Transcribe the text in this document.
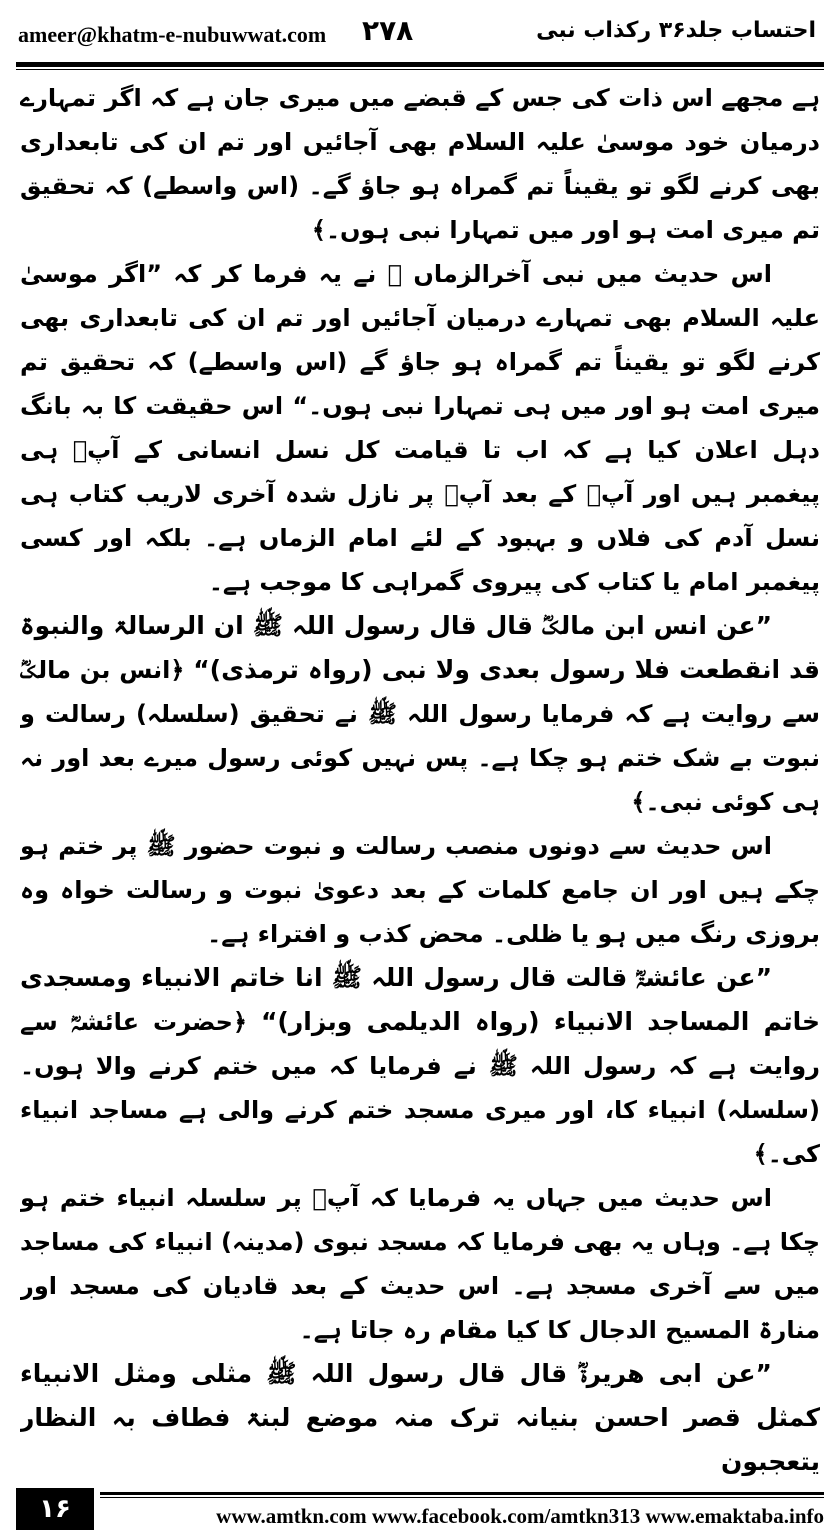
ameer@khatm-e-nubuwwat.com ۲۷۸	احتساب جلد۳۶ رکذاب نبی

ہے مجھے اس ذات کی جس کے قبضے میں میری جان ہے کہ اگر تمہارے درمیان خود موسیٰ علیہ السلام بھی آجائیں اور تم ان کی تابعداری بھی کرنے لگو تو یقیناً تم گمراہ ہو جاؤ گے۔ (اس واسطے) کہ تحقیق تم میری امت ہو اور میں تمہارا نبی ہوں۔﴾

اس حدیث میں نبی آخرالزماں ﷺ نے یہ فرما کر کہ ”اگر موسیٰ علیہ السلام بھی تمہارے درمیان آجائیں اور تم ان کی تابعداری بھی کرنے لگو تو یقیناً تم گمراہ ہو جاؤ گے (اس واسطے) کہ تحقیق تم میری امت ہو اور میں ہی تمہارا نبی ہوں۔“ اس حقیقت کا بہ بانگ دہل اعلان کیا ہے کہ اب تا قیامت کل نسل انسانی کے آپؐ ہی پیغمبر ہیں اور آپؐ کے بعد آپؐ پر نازل شدہ آخری لاریب کتاب ہی نسل آدم کی فلاں و بہبود کے لئے امام الزماں ہے۔ بلکہ اور کسی پیغمبر امام یا کتاب کی پیروی گمراہی کا موجب ہے۔

”عن انس ابن مالکؓ قال قال رسول اللہ ﷺ ان الرسالۃ والنبوۃ قد انقطعت فلا رسول بعدی ولا نبی (رواہ ترمذی)“ ﴿انس بن مالکؓ سے روایت ہے کہ فرمایا رسول اللہ ﷺ نے تحقیق (سلسلہ) رسالت و نبوت بے شک ختم ہو چکا ہے۔ پس نہیں کوئی رسول میرے بعد اور نہ ہی کوئی نبی۔﴾

اس حدیث سے دونوں منصب رسالت و نبوت حضور ﷺ پر ختم ہو چکے ہیں اور ان جامع کلمات کے بعد دعویٰ نبوت و رسالت خواہ وہ بروزی رنگ میں ہو یا ظلی۔ محض کذب و افتراء ہے۔

”عن عائشۃؓ قالت قال رسول اللہ ﷺ انا خاتم الانبیاء ومسجدی خاتم المساجد الانبیاء (رواہ الدیلمی وبزار)“ ﴿حضرت عائشہؓ سے روایت ہے کہ رسول اللہ ﷺ نے فرمایا کہ میں ختم کرنے والا ہوں۔ (سلسلہ) انبیاء کا، اور میری مسجد ختم کرنے والی ہے مساجد انبیاء کی۔﴾

اس حدیث میں جہاں یہ فرمایا کہ آپؐ پر سلسلہ انبیاء ختم ہو چکا ہے۔ وہاں یہ بھی فرمایا کہ مسجد نبوی (مدینہ) انبیاء کی مساجد میں سے آخری مسجد ہے۔ اس حدیث کے بعد قادیان کی مسجد اور منارۃ المسیح الدجال کا کیا مقام رہ جاتا ہے۔

”عن ابی ھریرۃؓ قال قال رسول اللہ ﷺ مثلی ومثل الانبیاء کمثل قصر احسن بنیانہ ترک منہ موضع لبنۃ فطاف بہ النظار یتعجبون

۱۶	www.amtkn.com www.facebook.com/amtkn313 www.emaktaba.info
